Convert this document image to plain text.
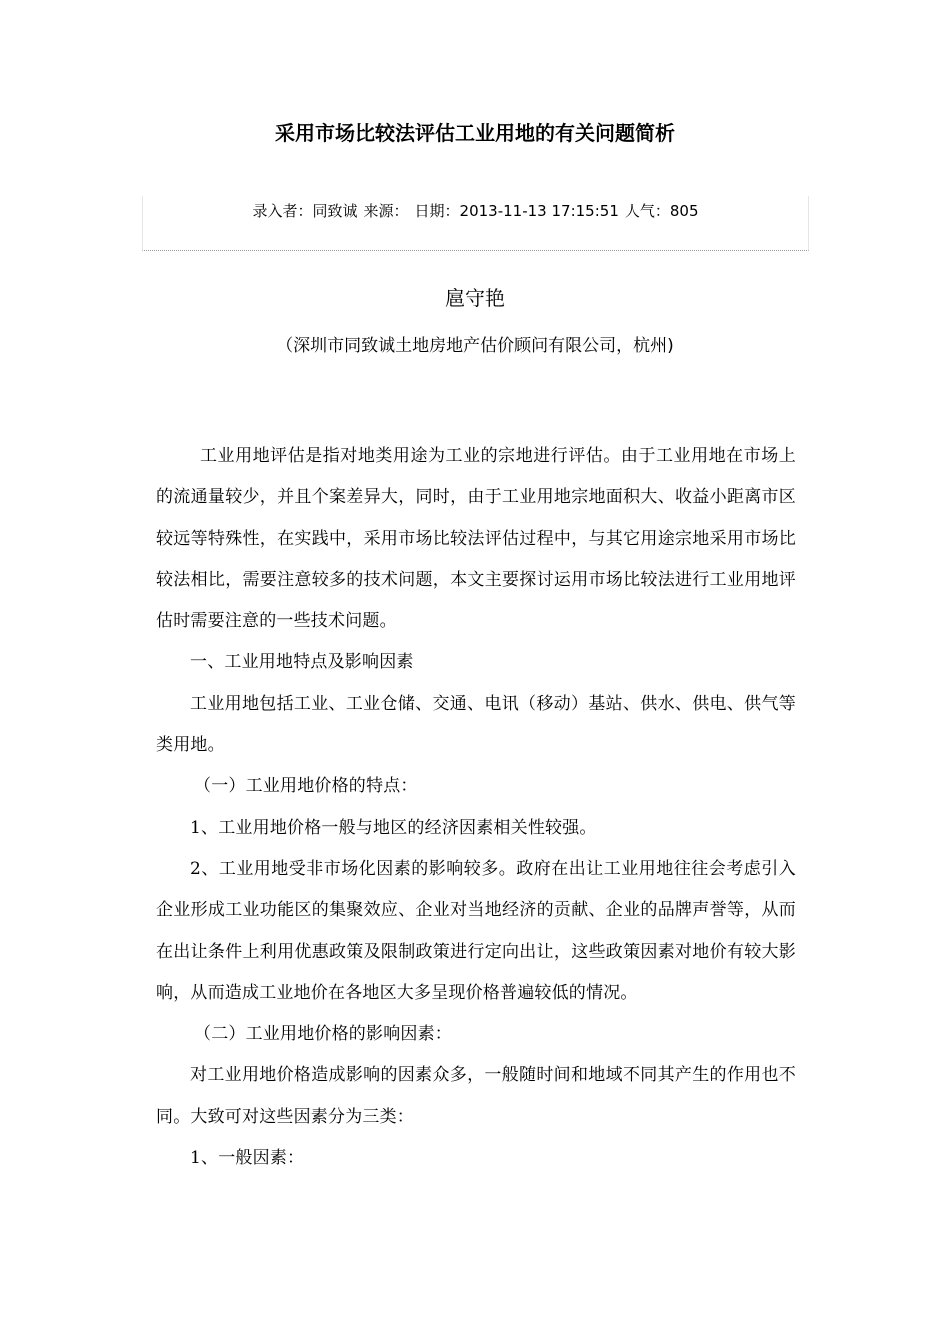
采用市场比较法评估工业用地的有关问题简析
录入者：同致诚 来源： 日期：2013-11-13 17:15:51 人气：805
扈守艳
（深圳市同致诚土地房地产估价顾问有限公司，杭州)

工业用地评估是指对地类用途为工业的宗地进行评估。由于工业用地在市场上的流通量较少，并且个案差异大，同时，由于工业用地宗地面积大、收益小距离市区较远等特殊性，在实践中，采用市场比较法评估过程中，与其它用途宗地采用市场比较法相比，需要注意较多的技术问题，本文主要探讨运用市场比较法进行工业用地评估时需要注意的一些技术问题。

一、工业用地特点及影响因素

工业用地包括工业、工业仓储、交通、电讯（移动）基站、供水、供电、供气等类用地。

（一）工业用地价格的特点：

1、工业用地价格一般与地区的经济因素相关性较强。

2、工业用地受非市场化因素的影响较多。政府在出让工业用地往往会考虑引入企业形成工业功能区的集聚效应、企业对当地经济的贡献、企业的品牌声誉等，从而在出让条件上利用优惠政策及限制政策进行定向出让，这些政策因素对地价有较大影响，从而造成工业地价在各地区大多呈现价格普遍较低的情况。

（二）工业用地价格的影响因素：

对工业用地价格造成影响的因素众多，一般随时间和地域不同其产生的作用也不同。大致可对这些因素分为三类：

1、一般因素：
